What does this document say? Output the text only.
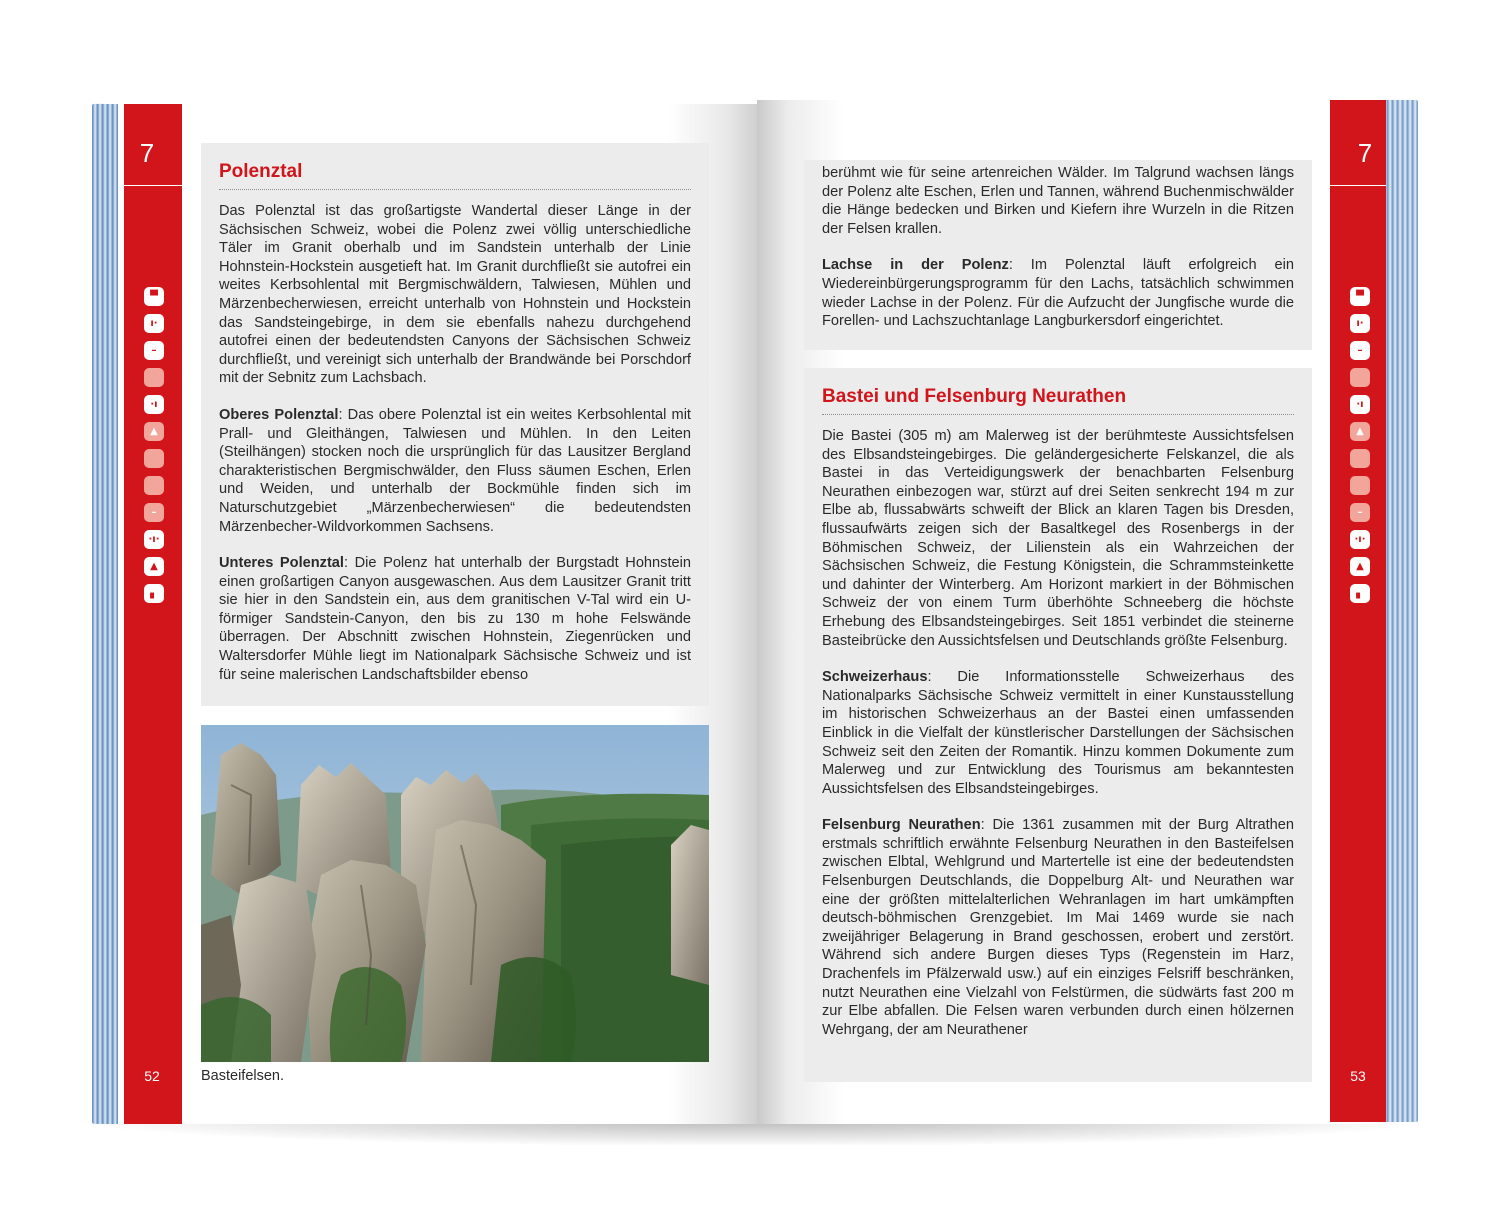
7
▀
ı·
–
·ı
▲
–
·ı·
▲
▖
52
Polenztal

Das Polenztal ist das großartigste Wandertal dieser Länge in der Sächsischen Schweiz, wobei die Polenz zwei völlig unterschiedliche Täler im Granit oberhalb und im Sandstein unterhalb der Linie Hohnstein-Hockstein ausgetieft hat. Im Granit durchfließt sie autofrei ein weites Kerbsohlental mit Bergmischwäldern, Talwiesen, Mühlen und Märzenbecherwiesen, erreicht unterhalb von Hohnstein und Hockstein das Sandsteingebirge, in dem sie ebenfalls nahezu durchgehend autofrei einen der bedeutendsten Canyons der Sächsischen Schweiz durchfließt, und vereinigt sich unterhalb der Brandwände bei Porschdorf mit der Sebnitz zum Lachsbach.

Oberes Polenztal: Das obere Polenztal ist ein weites Kerbsohlental mit Prall- und Gleithängen, Talwiesen und Mühlen. In den Leiten (Steilhängen) stocken noch die ursprünglich für das Lausitzer Bergland charakteristischen Bergmischwälder, den Fluss säumen Eschen, Erlen und Weiden, und unterhalb der Bockmühle finden sich im Naturschutzgebiet „Märzenbecherwiesen“ die bedeutendsten Märzenbecher-Wildvorkommen Sachsens.

Unteres Polenztal: Die Polenz hat unterhalb der Burgstadt Hohnstein einen großartigen Canyon ausgewaschen. Aus dem Lausitzer Granit tritt sie hier in den Sandstein ein, aus dem granitischen V-Tal wird ein U-förmiger Sandstein-Canyon, den bis zu 130 m hohe Felswände überragen. Der Abschnitt zwischen Hohnstein, Ziegenrücken und Waltersdorfer Mühle liegt im Nationalpark Sächsische Schweiz und ist für seine malerischen Landschaftsbilder ebenso

Basteifelsen.
7
▀
ı·
–
·ı
▲
–
·ı·
▲
▖
53

berühmt wie für seine artenreichen Wälder. Im Talgrund wachsen längs der Polenz alte Eschen, Erlen und Tannen, während Buchenmischwälder die Hänge bedecken und Birken und Kiefern ihre Wurzeln in die Ritzen der Felsen krallen.

Lachse in der Polenz: Im Polenztal läuft erfolgreich ein Wiedereinbürgerungsprogramm für den Lachs, tatsächlich schwimmen wieder Lachse in der Polenz. Für die Aufzucht der Jungfische wurde die Forellen- und Lachszuchtanlage Langburkersdorf eingerichtet.

Bastei und Felsenburg Neurathen

Die Bastei (305 m) am Malerweg ist der berühmteste Aussichtsfelsen des Elbsandsteingebirges. Die geländergesicherte Felskanzel, die als Bastei in das Verteidigungswerk der benachbarten Felsenburg Neurathen einbezogen war, stürzt auf drei Seiten senkrecht 194 m zur Elbe ab, flussabwärts schweift der Blick an klaren Tagen bis Dresden, flussaufwärts zeigen sich der Basaltkegel des Rosenbergs in der Böhmischen Schweiz, der Lilienstein als ein Wahrzeichen der Sächsischen Schweiz, die Festung Königstein, die Schrammsteinkette und dahinter der Winterberg. Am Horizont markiert in der Böhmischen Schweiz der von einem Turm überhöhte Schneeberg die höchste Erhebung des Elbsandsteingebirges. Seit 1851 verbindet die steinerne Basteibrücke den Aussichtsfelsen und Deutschlands größte Felsenburg.

Schweizerhaus: Die Informationsstelle Schweizerhaus des Nationalparks Sächsische Schweiz vermittelt in einer Kunstausstellung im historischen Schweizerhaus an der Bastei einen umfassenden Einblick in die Vielfalt der künstlerischer Darstellungen der Sächsischen Schweiz seit den Zeiten der Romantik. Hinzu kommen Dokumente zum Malerweg und zur Entwicklung des Tourismus am bekanntesten Aussichtsfelsen des Elbsandsteingebirges.

Felsenburg Neurathen: Die 1361 zusammen mit der Burg Altrathen erstmals schriftlich erwähnte Felsenburg Neurathen in den Basteifelsen zwischen Elbtal, Wehlgrund und Martertelle ist eine der bedeutendsten Felsenburgen Deutschlands, die Doppelburg Alt- und Neurathen war eine der größten mittelalterlichen Wehranlagen im hart umkämpften deutsch-böhmischen Grenzgebiet. Im Mai 1469 wurde sie nach zweijähriger Belagerung in Brand geschossen, erobert und zerstört. Während sich andere Burgen dieses Typs (Regenstein im Harz, Drachenfels im Pfälzerwald usw.) auf ein einziges Felsriff beschränken, nutzt Neurathen eine Vielzahl von Felstürmen, die südwärts fast 200 m zur Elbe abfallen. Die Felsen waren verbunden durch einen hölzernen Wehrgang, der am Neurathener
